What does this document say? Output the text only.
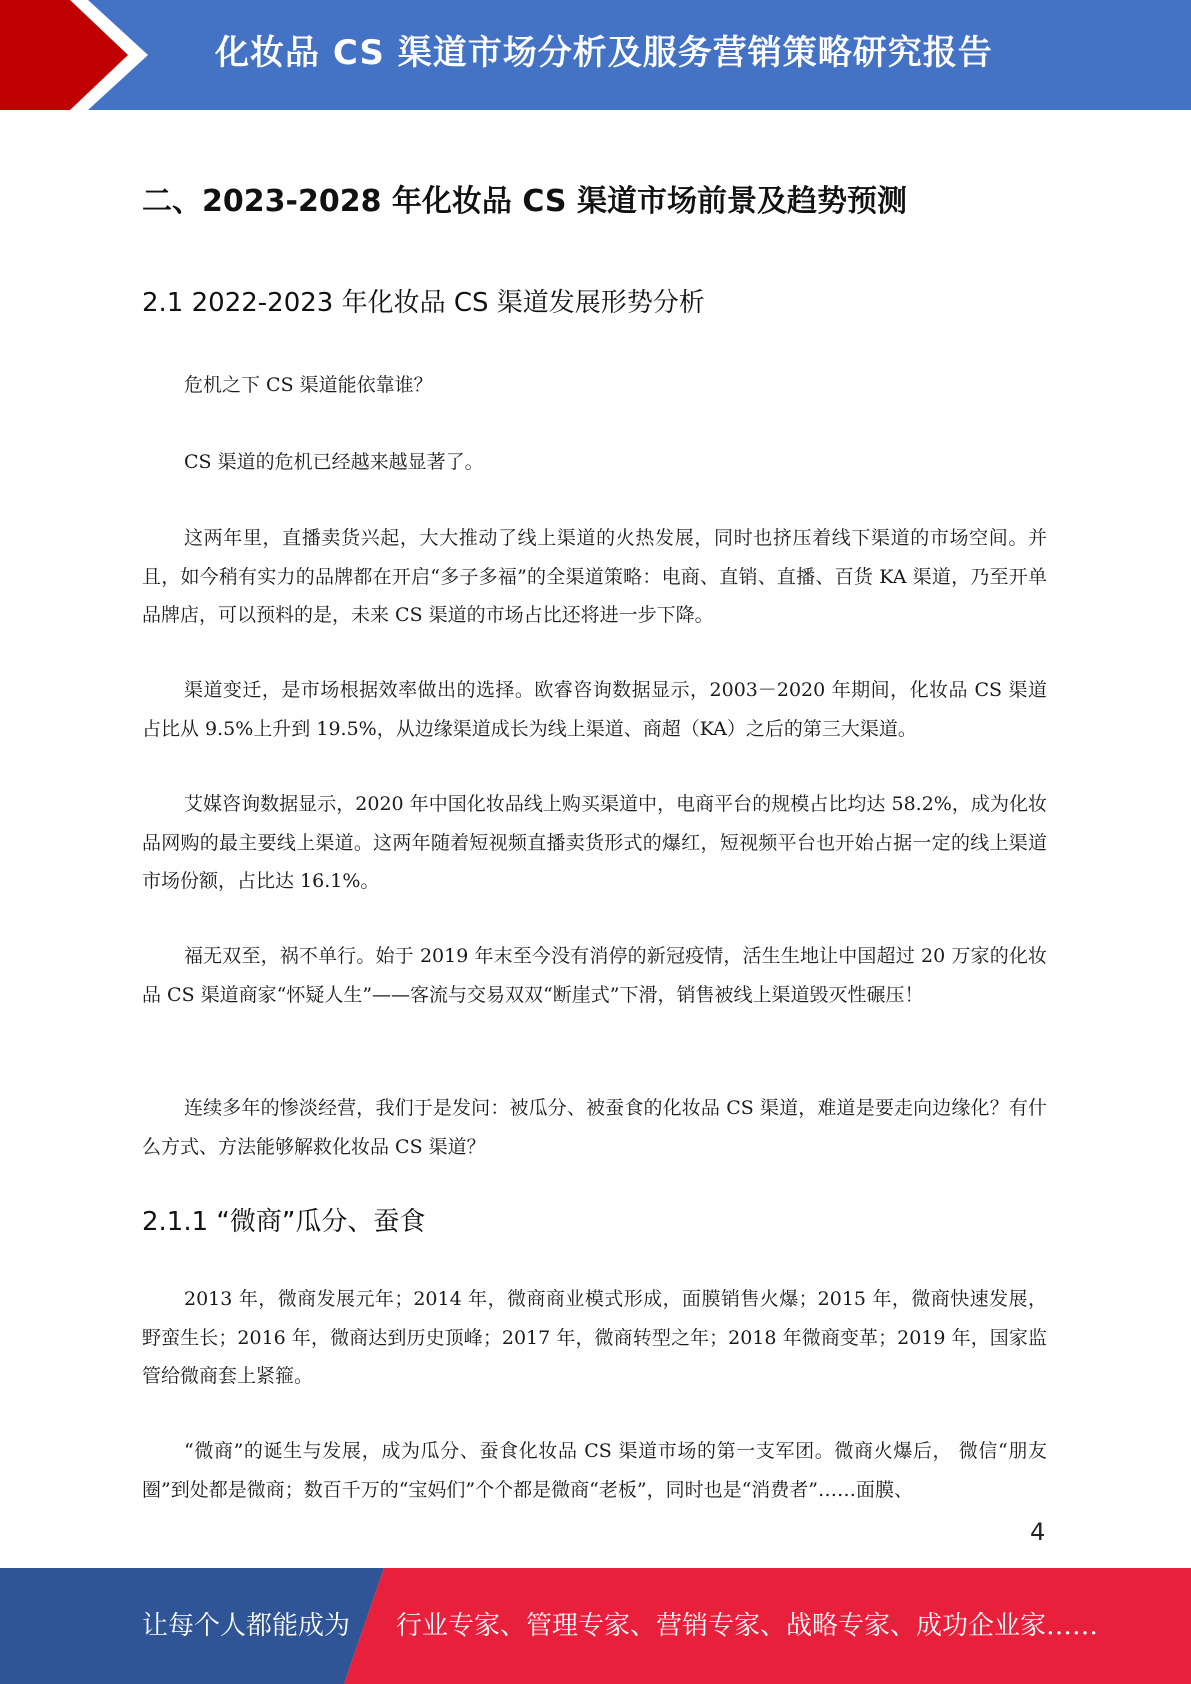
化妆品 CS 渠道市场分析及服务营销策略研究报告
二、2023-2028 年化妆品 CS 渠道市场前景及趋势预测
2.1 2022-2023 年化妆品 CS 渠道发展形势分析

危机之下 CS 渠道能依靠谁？

CS 渠道的危机已经越来越显著了。

这两年里，直播卖货兴起，大大推动了线上渠道的火热发展，同时也挤压着线下渠道的市场空间。并且，如今稍有实力的品牌都在开启“多子多福”的全渠道策略：电商、直销、直播、百货 KA 渠道，乃至开单品牌店，可以预料的是，未来 CS 渠道的市场占比还将进一步下降。

渠道变迁，是市场根据效率做出的选择。欧睿咨询数据显示，2003－2020 年期间，化妆品 CS 渠道占比从 9.5%上升到 19.5%，从边缘渠道成长为线上渠道、商超（KA）之后的第三大渠道。

艾媒咨询数据显示，2020 年中国化妆品线上购买渠道中，电商平台的规模占比均达 58.2%，成为化妆品网购的最主要线上渠道。这两年随着短视频直播卖货形式的爆红，短视频平台也开始占据一定的线上渠道市场份额，占比达 16.1%。

福无双至，祸不单行。始于 2019 年末至今没有消停的新冠疫情，活生生地让中国超过 20 万家的化妆品 CS 渠道商家“怀疑人生”——客流与交易双双“断崖式”下滑，销售被线上渠道毁灭性碾压！

连续多年的惨淡经营，我们于是发问：被瓜分、被蚕食的化妆品 CS 渠道，难道是要走向边缘化？有什么方式、方法能够解救化妆品 CS 渠道？

2.1.1 “微商”瓜分、蚕食

2013 年，微商发展元年；2014 年，微商商业模式形成，面膜销售火爆；2015 年，微商快速发展，野蛮生长；2016 年，微商达到历史顶峰；2017 年，微商转型之年；2018 年微商变革；2019 年，国家监管给微商套上紧箍。

“微商”的诞生与发展，成为瓜分、蚕食化妆品 CS 渠道市场的第一支军团。微商火爆后， 微信“朋友圈”到处都是微商；数百千万的“宝妈们”个个都是微商“老板”，同时也是“消费者”……面膜、

4
让每个人都能成为 行业专家、管理专家、营销专家、战略专家、成功企业家……
